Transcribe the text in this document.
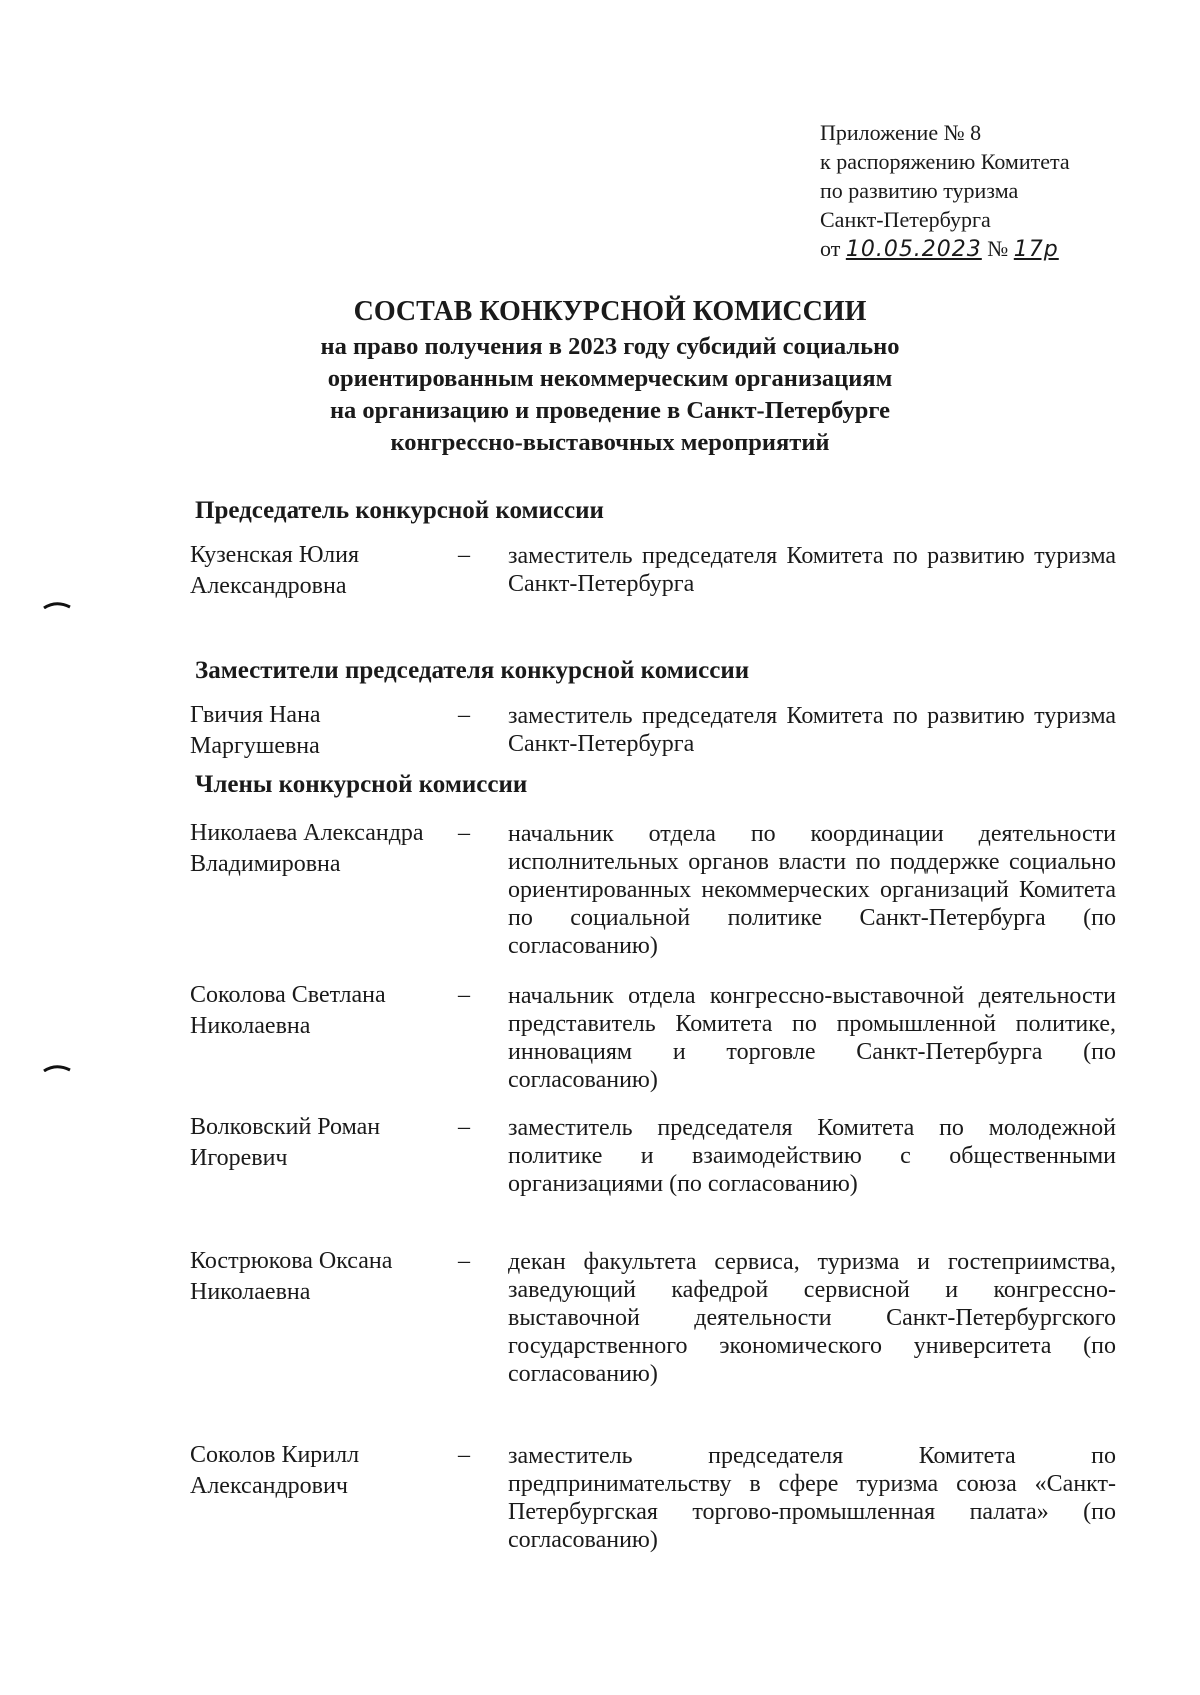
Приложение № 8
к распоряжению Комитета
по развитию туризма
Санкт-Петербурга
от 10.05.2023 № 17р
СОСТАВ КОНКУРСНОЙ КОМИССИИ
на право получения в 2023 году субсидий социально
ориентированным некоммерческим организациям
на организацию и проведение в Санкт-Петербурге
конгрессно-выставочных мероприятий
Председатель конкурсной комиссии
Кузенская Юлия Александровна
– заместитель председателя Комитета по развитию туризма Санкт-Петербурга
Заместители председателя конкурсной комиссии
Гвичия Нана Маргушевна
– заместитель председателя Комитета по развитию туризма Санкт-Петербурга
Члены конкурсной комиссии
Николаева Александра Владимировна
– начальник отдела по координации деятельности исполнительных органов власти по поддержке социально ориентированных некоммерческих организаций Комитета по социальной политике Санкт-Петербурга (по согласованию)
Соколова Светлана Николаевна
– начальник отдела конгрессно-выставочной деятельности представитель Комитета по промышленной политике, инновациям и торговле Санкт-Петербурга (по согласованию)
Волковский Роман Игоревич
– заместитель председателя Комитета по молодежной политике и взаимодействию с общественными организациями (по согласованию)
Кострюкова Оксана Николаевна
– декан факультета сервиса, туризма и гостеприимства, заведующий кафедрой сервисной и конгрессно-выставочной деятельности Санкт-Петербургского государственного экономического университета (по согласованию)
Соколов Кирилл Александрович
– заместитель председателя Комитета по предпринимательству в сфере туризма союза «Санкт-Петербургская торгово-промышленная палата» (по согласованию)
